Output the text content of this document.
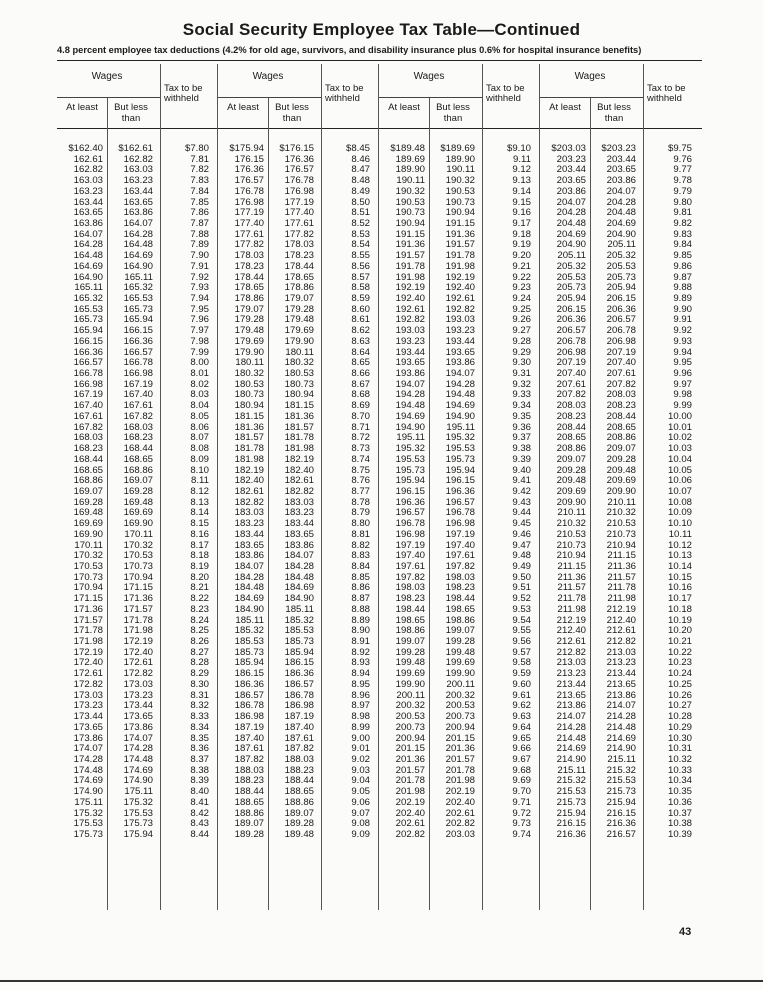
Social Security Employee Tax Table—Continued
4.8 percent employee tax deductions (4.2% for old age, survivors, and disability insurance plus 0.6% for hospital insurance benefits)
Wages
Tax to be withheld
At least	But less than
Wages
Tax to be withheld
At least	But less than
Wages
Tax to be withheld
At least	But less than
Wages
Tax to be withheld
At least	But less than
$162.40	$162.61	$7.80	$175.94	$176.15	$8.45	$189.48	$189.69	$9.10	$203.03	$203.23	$9.75
162.61	162.82	7.81	176.15	176.36	8.46	189.69	189.90	9.11	203.23	203.44	9.76
162.82	163.03	7.82	176.36	176.57	8.47	189.90	190.11	9.12	203.44	203.65	9.77
163.03	163.23	7.83	176.57	176.78	8.48	190.11	190.32	9.13	203.65	203.86	9.78
163.23	163.44	7.84	176.78	176.98	8.49	190.32	190.53	9.14	203.86	204.07	9.79
163.44	163.65	7.85	176.98	177.19	8.50	190.53	190.73	9.15	204.07	204.28	9.80
163.65	163.86	7.86	177.19	177.40	8.51	190.73	190.94	9.16	204.28	204.48	9.81
163.86	164.07	7.87	177.40	177.61	8.52	190.94	191.15	9.17	204.48	204.69	9.82
164.07	164.28	7.88	177.61	177.82	8.53	191.15	191.36	9.18	204.69	204.90	9.83
164.28	164.48	7.89	177.82	178.03	8.54	191.36	191.57	9.19	204.90	205.11	9.84
164.48	164.69	7.90	178.03	178.23	8.55	191.57	191.78	9.20	205.11	205.32	9.85
164.69	164.90	7.91	178.23	178.44	8.56	191.78	191.98	9.21	205.32	205.53	9.86
164.90	165.11	7.92	178.44	178.65	8.57	191.98	192.19	9.22	205.53	205.73	9.87
165.11	165.32	7.93	178.65	178.86	8.58	192.19	192.40	9.23	205.73	205.94	9.88
165.32	165.53	7.94	178.86	179.07	8.59	192.40	192.61	9.24	205.94	206.15	9.89
165.53	165.73	7.95	179.07	179.28	8.60	192.61	192.82	9.25	206.15	206.36	9.90
165.73	165.94	7.96	179.28	179.48	8.61	192.82	193.03	9.26	206.36	206.57	9.91
165.94	166.15	7.97	179.48	179.69	8.62	193.03	193.23	9.27	206.57	206.78	9.92
166.15	166.36	7.98	179.69	179.90	8.63	193.23	193.44	9.28	206.78	206.98	9.93
166.36	166.57	7.99	179.90	180.11	8.64	193.44	193.65	9.29	206.98	207.19	9.94
166.57	166.78	8.00	180.11	180.32	8.65	193.65	193.86	9.30	207.19	207.40	9.95
166.78	166.98	8.01	180.32	180.53	8.66	193.86	194.07	9.31	207.40	207.61	9.96
166.98	167.19	8.02	180.53	180.73	8.67	194.07	194.28	9.32	207.61	207.82	9.97
167.19	167.40	8.03	180.73	180.94	8.68	194.28	194.48	9.33	207.82	208.03	9.98
167.40	167.61	8.04	180.94	181.15	8.69	194.48	194.69	9.34	208.03	208.23	9.99
167.61	167.82	8.05	181.15	181.36	8.70	194.69	194.90	9.35	208.23	208.44	10.00
167.82	168.03	8.06	181.36	181.57	8.71	194.90	195.11	9.36	208.44	208.65	10.01
168.03	168.23	8.07	181.57	181.78	8.72	195.11	195.32	9.37	208.65	208.86	10.02
168.23	168.44	8.08	181.78	181.98	8.73	195.32	195.53	9.38	208.86	209.07	10.03
168.44	168.65	8.09	181.98	182.19	8.74	195.53	195.73	9.39	209.07	209.28	10.04
168.65	168.86	8.10	182.19	182.40	8.75	195.73	195.94	9.40	209.28	209.48	10.05
168.86	169.07	8.11	182.40	182.61	8.76	195.94	196.15	9.41	209.48	209.69	10.06
169.07	169.28	8.12	182.61	182.82	8.77	196.15	196.36	9.42	209.69	209.90	10.07
169.28	169.48	8.13	182.82	183.03	8.78	196.36	196.57	9.43	209.90	210.11	10.08
169.48	169.69	8.14	183.03	183.23	8.79	196.57	196.78	9.44	210.11	210.32	10.09
169.69	169.90	8.15	183.23	183.44	8.80	196.78	196.98	9.45	210.32	210.53	10.10
169.90	170.11	8.16	183.44	183.65	8.81	196.98	197.19	9.46	210.53	210.73	10.11
170.11	170.32	8.17	183.65	183.86	8.82	197.19	197.40	9.47	210.73	210.94	10.12
170.32	170.53	8.18	183.86	184.07	8.83	197.40	197.61	9.48	210.94	211.15	10.13
170.53	170.73	8.19	184.07	184.28	8.84	197.61	197.82	9.49	211.15	211.36	10.14
170.73	170.94	8.20	184.28	184.48	8.85	197.82	198.03	9.50	211.36	211.57	10.15
170.94	171.15	8.21	184.48	184.69	8.86	198.03	198.23	9.51	211.57	211.78	10.16
171.15	171.36	8.22	184.69	184.90	8.87	198.23	198.44	9.52	211.78	211.98	10.17
171.36	171.57	8.23	184.90	185.11	8.88	198.44	198.65	9.53	211.98	212.19	10.18
171.57	171.78	8.24	185.11	185.32	8.89	198.65	198.86	9.54	212.19	212.40	10.19
171.78	171.98	8.25	185.32	185.53	8.90	198.86	199.07	9.55	212.40	212.61	10.20
171.98	172.19	8.26	185.53	185.73	8.91	199.07	199.28	9.56	212.61	212.82	10.21
172.19	172.40	8.27	185.73	185.94	8.92	199.28	199.48	9.57	212.82	213.03	10.22
172.40	172.61	8.28	185.94	186.15	8.93	199.48	199.69	9.58	213.03	213.23	10.23
172.61	172.82	8.29	186.15	186.36	8.94	199.69	199.90	9.59	213.23	213.44	10.24
172.82	173.03	8.30	186.36	186.57	8.95	199.90	200.11	9.60	213.44	213.65	10.25
173.03	173.23	8.31	186.57	186.78	8.96	200.11	200.32	9.61	213.65	213.86	10.26
173.23	173.44	8.32	186.78	186.98	8.97	200.32	200.53	9.62	213.86	214.07	10.27
173.44	173.65	8.33	186.98	187.19	8.98	200.53	200.73	9.63	214.07	214.28	10.28
173.65	173.86	8.34	187.19	187.40	8.99	200.73	200.94	9.64	214.28	214.48	10.29
173.86	174.07	8.35	187.40	187.61	9.00	200.94	201.15	9.65	214.48	214.69	10.30
174.07	174.28	8.36	187.61	187.82	9.01	201.15	201.36	9.66	214.69	214.90	10.31
174.28	174.48	8.37	187.82	188.03	9.02	201.36	201.57	9.67	214.90	215.11	10.32
174.48	174.69	8.38	188.03	188.23	9.03	201.57	201.78	9.68	215.11	215.32	10.33
174.69	174.90	8.39	188.23	188.44	9.04	201.78	201.98	9.69	215.32	215.53	10.34
174.90	175.11	8.40	188.44	188.65	9.05	201.98	202.19	9.70	215.53	215.73	10.35
175.11	175.32	8.41	188.65	188.86	9.06	202.19	202.40	9.71	215.73	215.94	10.36
175.32	175.53	8.42	188.86	189.07	9.07	202.40	202.61	9.72	215.94	216.15	10.37
175.53	175.73	8.43	189.07	189.28	9.08	202.61	202.82	9.73	216.15	216.36	10.38
175.73	175.94	8.44	189.28	189.48	9.09	202.82	203.03	9.74	216.36	216.57	10.39
43
